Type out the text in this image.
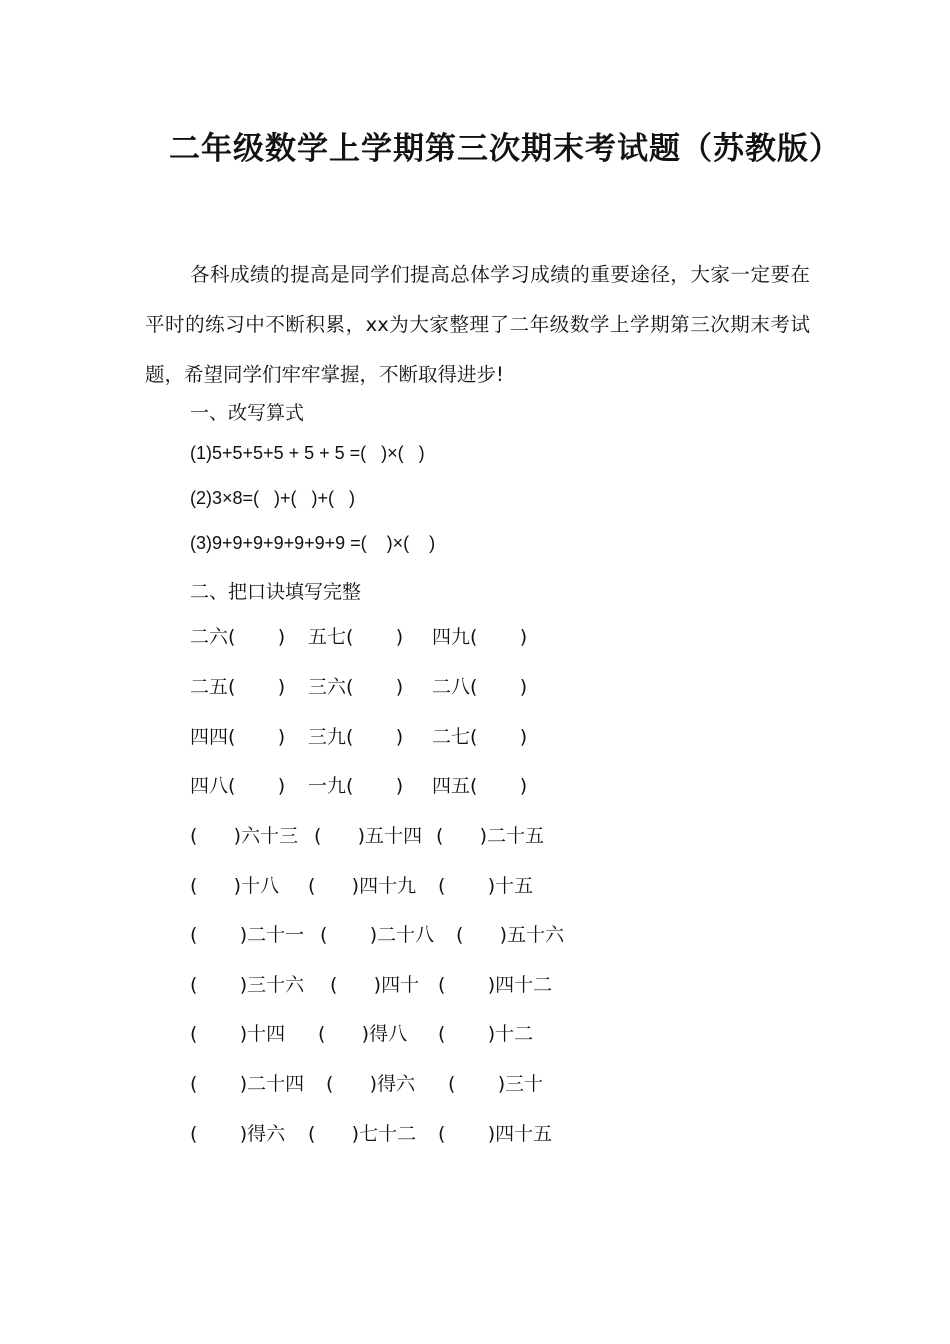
二年级数学上学期第三次期末考试题（苏教版）

各科成绩的提高是同学们提高总体学习成绩的重要途径，大家一定要在平时的练习中不断积累，xx为大家整理了二年级数学上学期第三次期末考试题，希望同学们牢牢掌握，不断取得进步!

一、改写算式
(1)5+5+5+5 + 5 + 5 =(   )×(   )
(2)3×8=(   )+(   )+(   )
(3)9+9+9+9+9+9+9 =(    )×(    )
二、把口诀填写完整
二六(       ) 五七(       ) 四九(       )
二五(       ) 三六(       ) 二八(       )
四四(       ) 三九(       ) 二七(       )
四八(       ) 一九(       ) 四五(       )
(      )六十三 (      )五十四 (      )二十五
(      )十八 (      )四十九 (       )十五
(       )二十一 (       )二十八 (      )五十六
(       )三十六 (      )四十 (       )四十二
(       )十四 (      )得八 (       )十二
(       )二十四 (      )得六 (       )三十
(       )得六 (      )七十二 (       )四十五
